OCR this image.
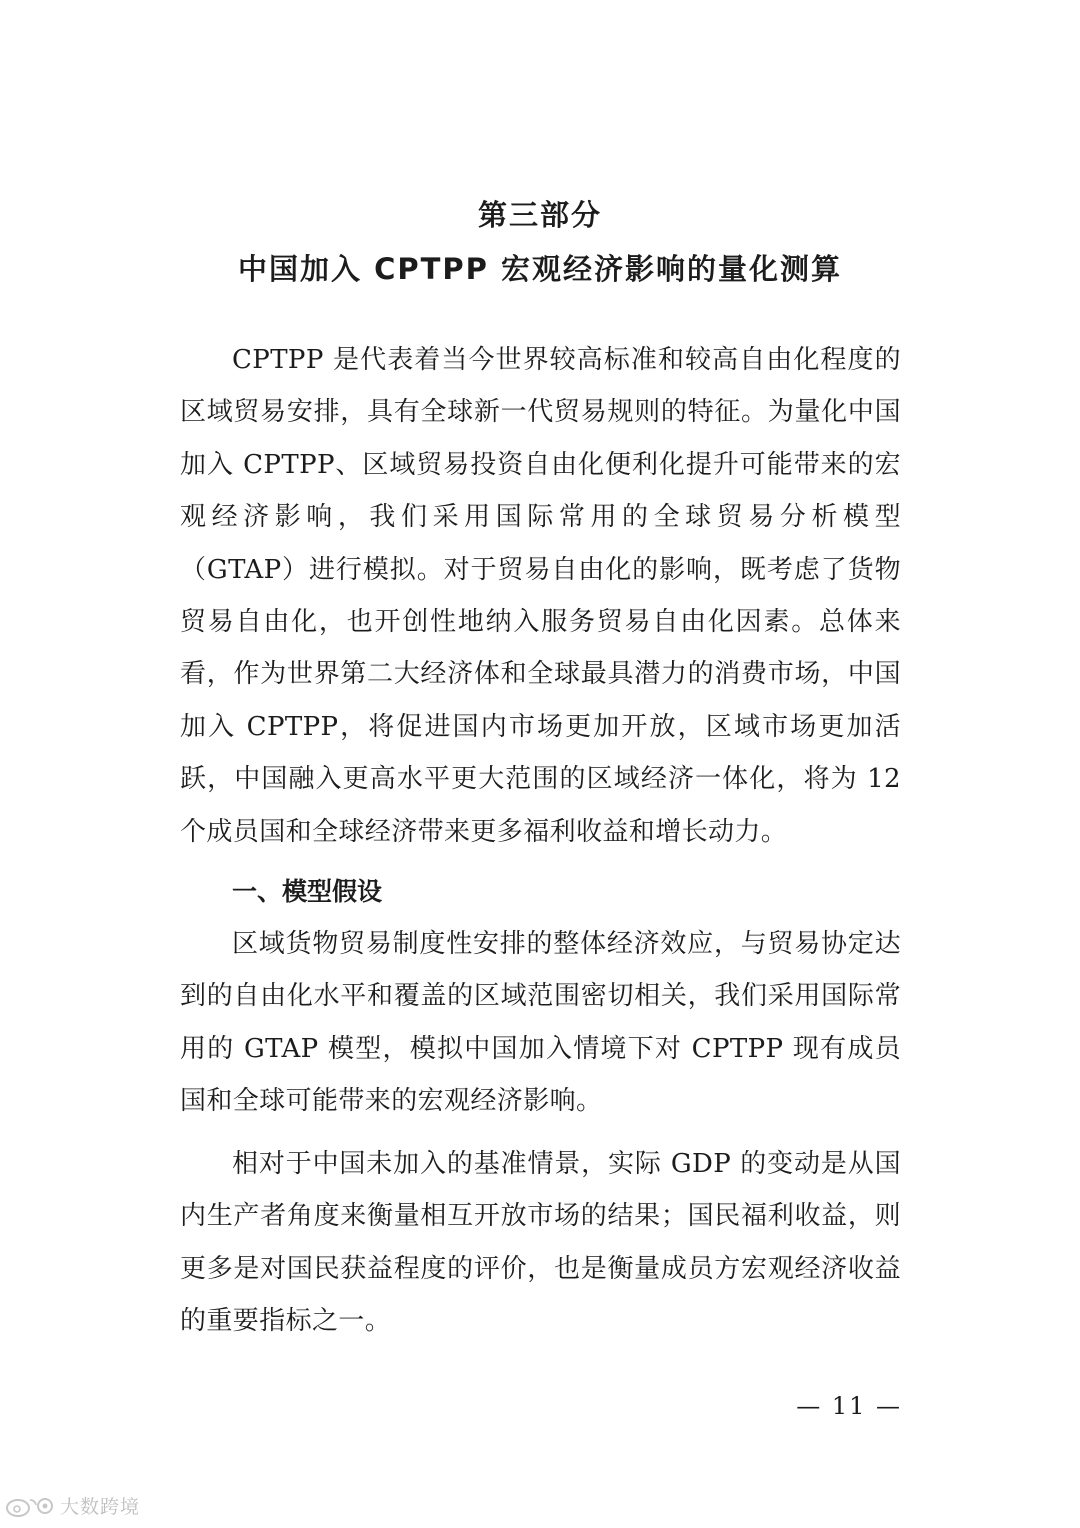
第三部分

中国加入 CPTPP 宏观经济影响的量化测算

CPTPP 是代表着当今世界较高标准和较高自由化程度的区域贸易安排，具有全球新一代贸易规则的特征。为量化中国加入 CPTPP、区域贸易投资自由化便利化提升可能带来的宏观经济影响，我们采用国际常用的全球贸易分析模型（GTAP）进行模拟。对于贸易自由化的影响，既考虑了货物贸易自由化，也开创性地纳入服务贸易自由化因素。总体来看，作为世界第二大经济体和全球最具潜力的消费市场，中国加入 CPTPP，将促进国内市场更加开放，区域市场更加活跃，中国融入更高水平更大范围的区域经济一体化，将为 12 个成员国和全球经济带来更多福利收益和增长动力。

一、模型假设

区域货物贸易制度性安排的整体经济效应，与贸易协定达到的自由化水平和覆盖的区域范围密切相关，我们采用国际常用的 GTAP 模型，模拟中国加入情境下对 CPTPP 现有成员国和全球可能带来的宏观经济影响。

相对于中国未加入的基准情景，实际 GDP 的变动是从国内生产者角度来衡量相互开放市场的结果；国民福利收益，则更多是对国民获益程度的评价，也是衡量成员方宏观经济收益的重要指标之一。

— 11 —
大数跨境
